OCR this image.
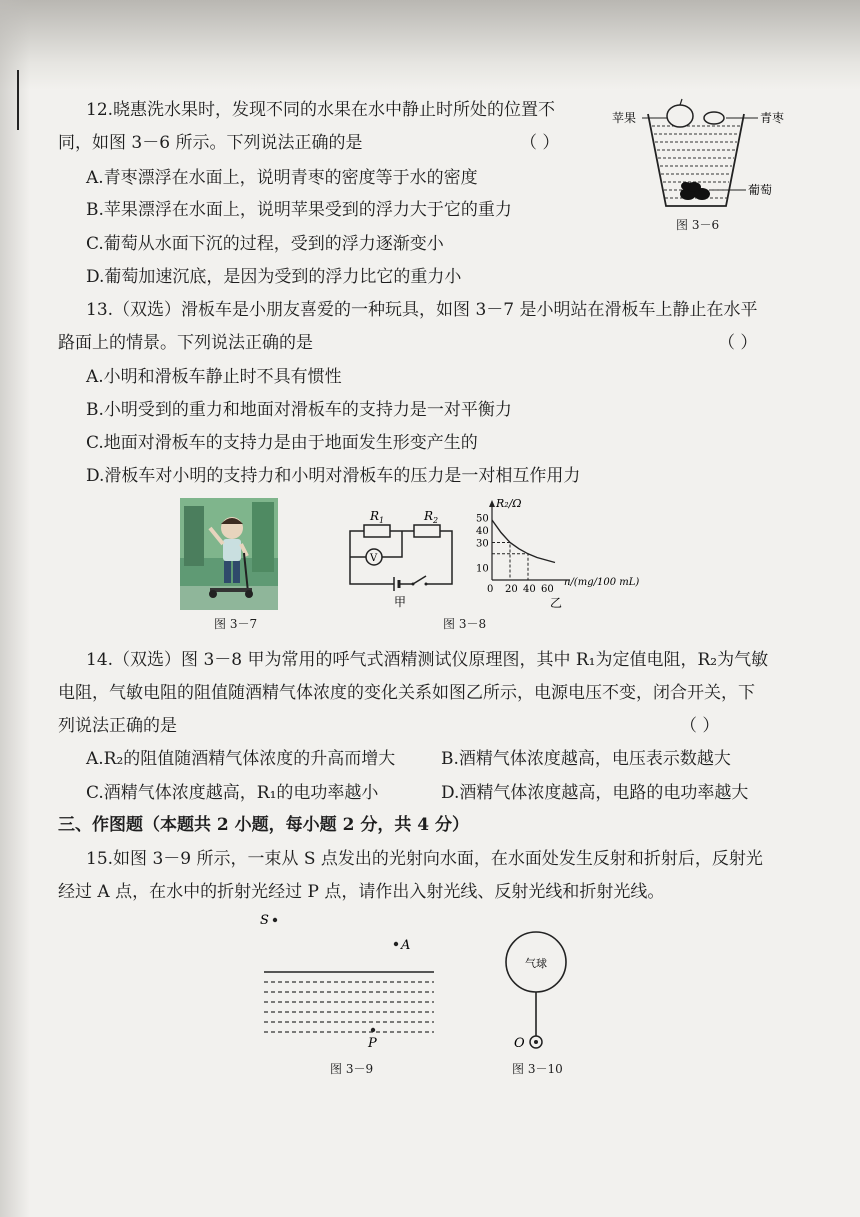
12.晓惠洗水果时，发现不同的水果在水中静止时所处的位置不
同，如图 3－6 所示。下列说法正确的是	（ ）
A.青枣漂浮在水面上，说明青枣的密度等于水的密度
B.苹果漂浮在水面上，说明苹果受到的浮力大于它的重力
C.葡萄从水面下沉的过程，受到的浮力逐渐变小
D.葡萄加速沉底，是因为受到的浮力比它的重力小
苹果	青枣
葡萄
图 3－6
13.（双选）滑板车是小朋友喜爱的一种玩具，如图 3－7 是小明站在滑板车上静止在水平
路面上的情景。下列说法正确的是	（ ）
A.小明和滑板车静止时不具有惯性
B.小明受到的重力和地面对滑板车的支持力是一对平衡力
C.地面对滑板车的支持力是由于地面发生形变产生的
D.滑板车对小明的支持力和小明对滑板车的压力是一对相互作用力
图 3－7
$R_1$	$R_2$
V
甲
R₂/Ω
n/(mg/100 mL)
10
30
40
50
0 20 40 60
乙
图 3－8
14.（双选）图 3－8 甲为常用的呼气式酒精测试仪原理图，其中 R₁为定值电阻，R₂为气敏
电阻，气敏电阻的阻值随酒精气体浓度的变化关系如图乙所示，电源电压不变，闭合开关，下
列说法正确的是	（ ）
A.R₂的阻值随酒精气体浓度的升高而增大	B.酒精气体浓度越高，电压表示数越大
C.酒精气体浓度越高，R₁的电功率越小	D.酒精气体浓度越高，电路的电功率越大
三、作图题（本题共 2 小题，每小题 2 分，共 4 分）
15.如图 3－9 所示，一束从 S 点发出的光射向水面，在水面处发生反射和折射后，反射光
经过 A 点，在水中的折射光经过 P 点，请作出入射光线、反射光线和折射光线。
S
A
P
图 3－9
气球
O
图 3－10
